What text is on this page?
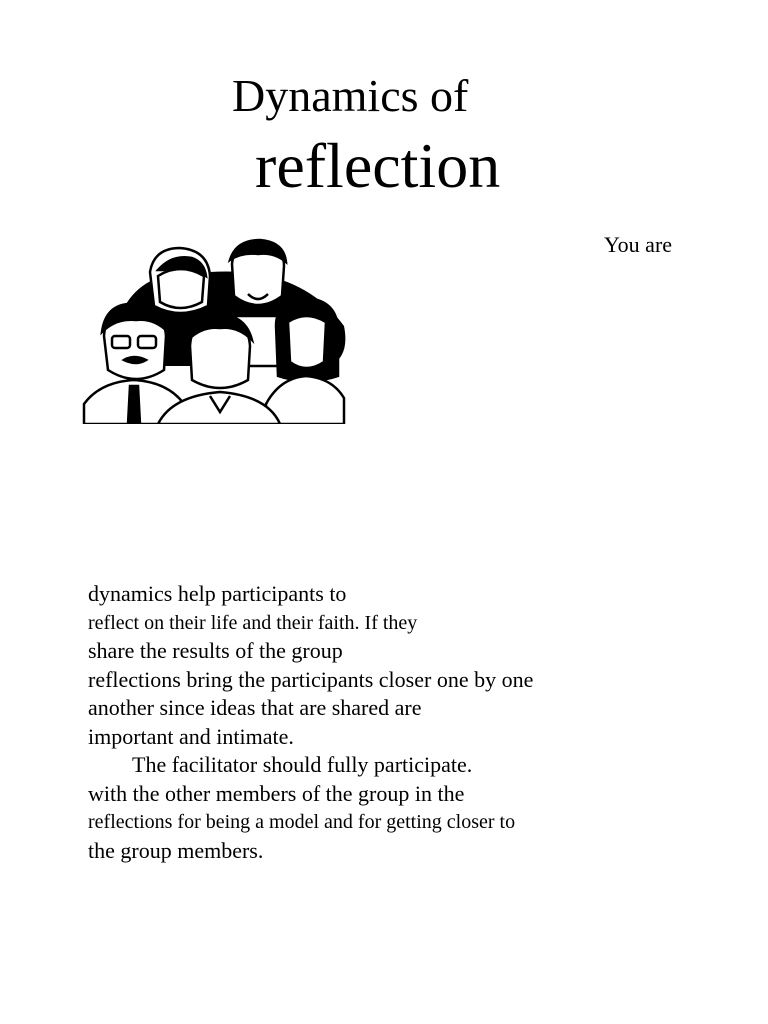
Dynamics of
reflection
You are
dynamics help participants to
reflect on their life and their faith. If they
share the results of the group
reflections bring the participants closer one by one
another since ideas that are shared are
important and intimate.
The facilitator should fully participate.
with the other members of the group in the
reflections for being a model and for getting closer to
the group members.
